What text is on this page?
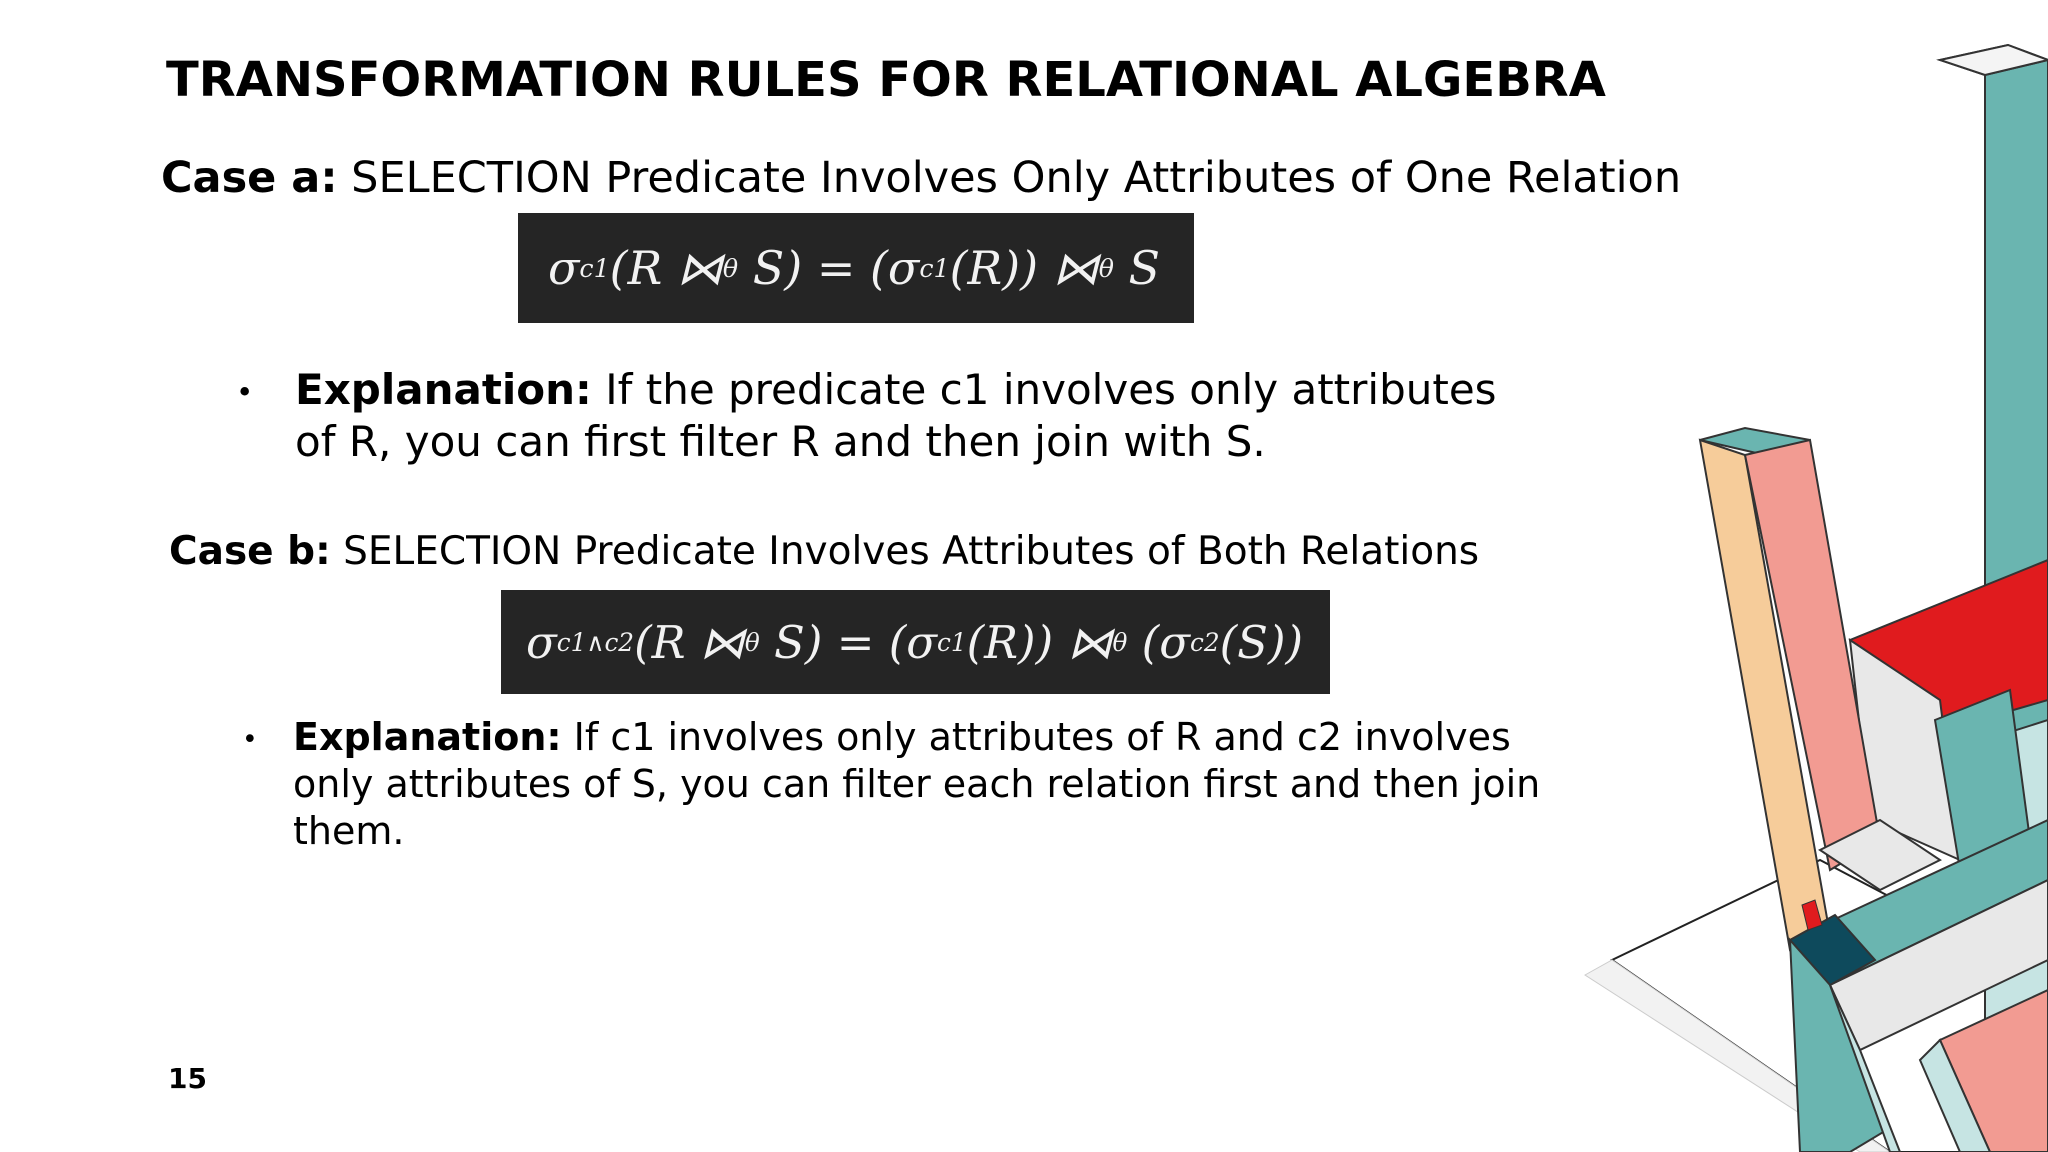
TRANSFORMATION RULES FOR RELATIONAL ALGEBRA

Case a: SELECTION Predicate Involves Only Attributes of One Relation

σ c1 (R ⋈ θ S) = (σ c1 (R)) ⋈ θ S
• Explanation: If the predicate c1 involves only attributes of R, you can first filter R and then join with S.

Case b: SELECTION Predicate Involves Attributes of Both Relations

σ c1∧c2 (R ⋈ θ S) = (σ c1 (R)) ⋈ θ (σ c2 (S))
• Explanation: If c1 involves only attributes of R and c2 involves only attributes of S, you can filter each relation first and then join them.
15
